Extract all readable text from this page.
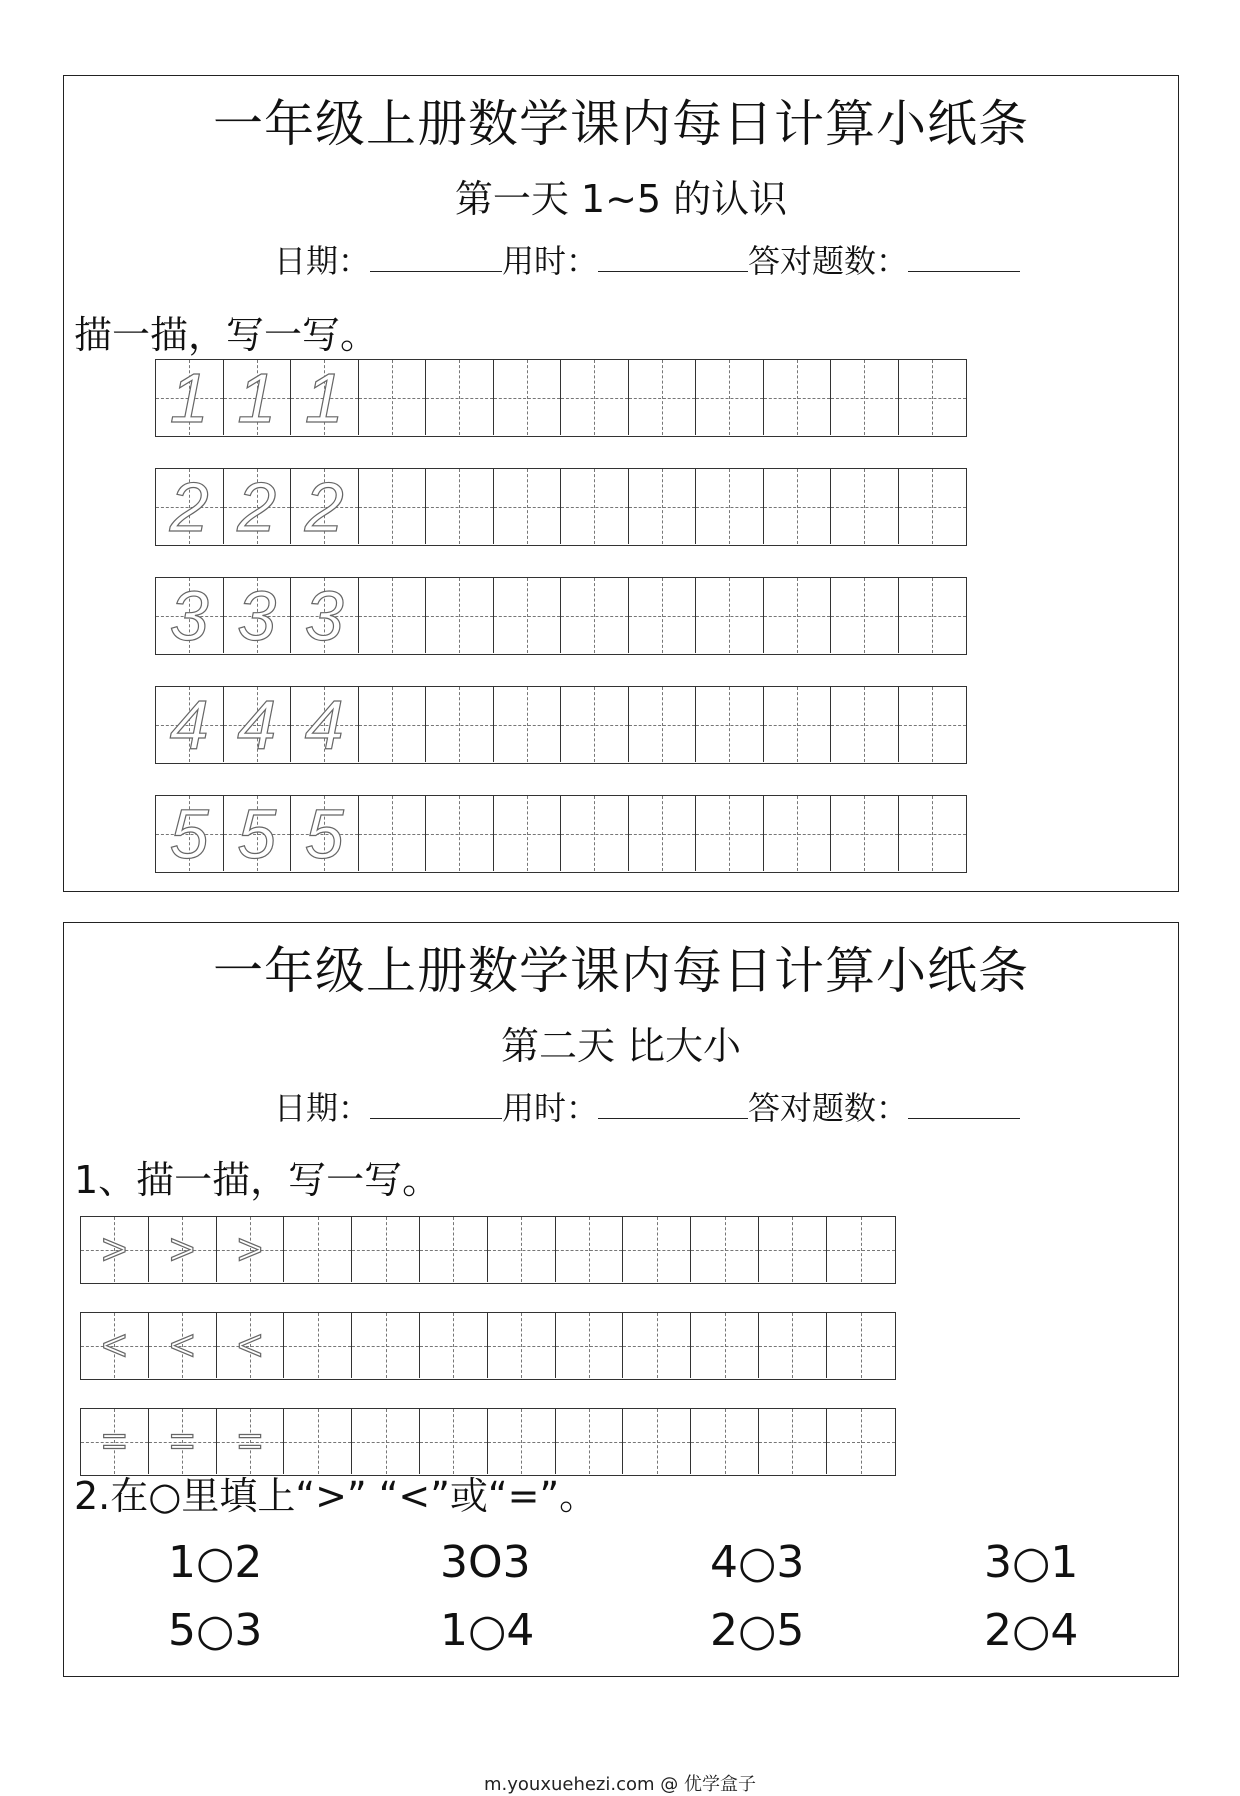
一年级上册数学课内每日计算小纸条
第一天 1~5 的认识
日期：	用时：	答对题数：
描一描，写一写。
1 1 1
2 2 2
3 3 3
4 4 4
5 5 5
一年级上册数学课内每日计算小纸条
第二天 比大小
日期：	用时：	答对题数：
1、描一描，写一写。
> > >
< < <
= = =
2.在○里填上“>” “<”或“=”。
1○2	3O3	4○3	3○1
5○3	1○4	2○5	2○4
m.youxuehezi.com @ 优学盒子
